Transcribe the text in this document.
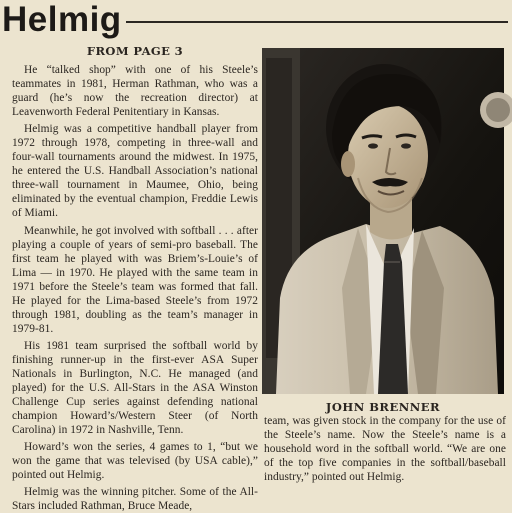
Helmig
FROM PAGE 3

He “talked shop” with one of his Steele’s teammates in 1981, Herman Rathman, who was a guard (he’s now the recreation director) at Leavenworth Federal Penitentiary in Kansas.

Helmig was a competitive handball player from 1972 through 1978, competing in three-wall and four-wall tournaments around the midwest. In 1975, he entered the U.S. Handball Association’s national three-wall tournament in Maumee, Ohio, being eliminated by the eventual champion, Freddie Lewis of Miami.

Meanwhile, he got involved with softball . . . after playing a couple of years of semi-pro baseball. The first team he played with was Briem’s-Louie’s of Lima — in 1970. He played with the same team in 1971 before the Steele’s team was formed that fall. He played for the Lima-based Steele’s from 1972 through 1981, doubling as the team’s manager in 1979-81.

His 1981 team surprised the softball world by finishing runner-up in the first-ever ASA Super Nationals in Burlington, N.C. He managed (and played) for the U.S. All-Stars in the ASA Winston Challenge Cup series against defending national champion Howard’s/Western Steer (of North Carolina) in 1972 in Nashville, Tenn.

Howard’s won the series, 4 games to 1, “but we won the game that was televised (by USA cable),” pointed out Helmig.

Helmig was the winning pitcher. Some of the All-Stars included Rathman, Bruce Meade,

JOHN BRENNER

team, was given stock in the company for the use of the Steele’s name. Now the Steele’s name is a household word in the softball world. “We are one of the top five companies in the softball/baseball industry,” pointed out Helmig.
